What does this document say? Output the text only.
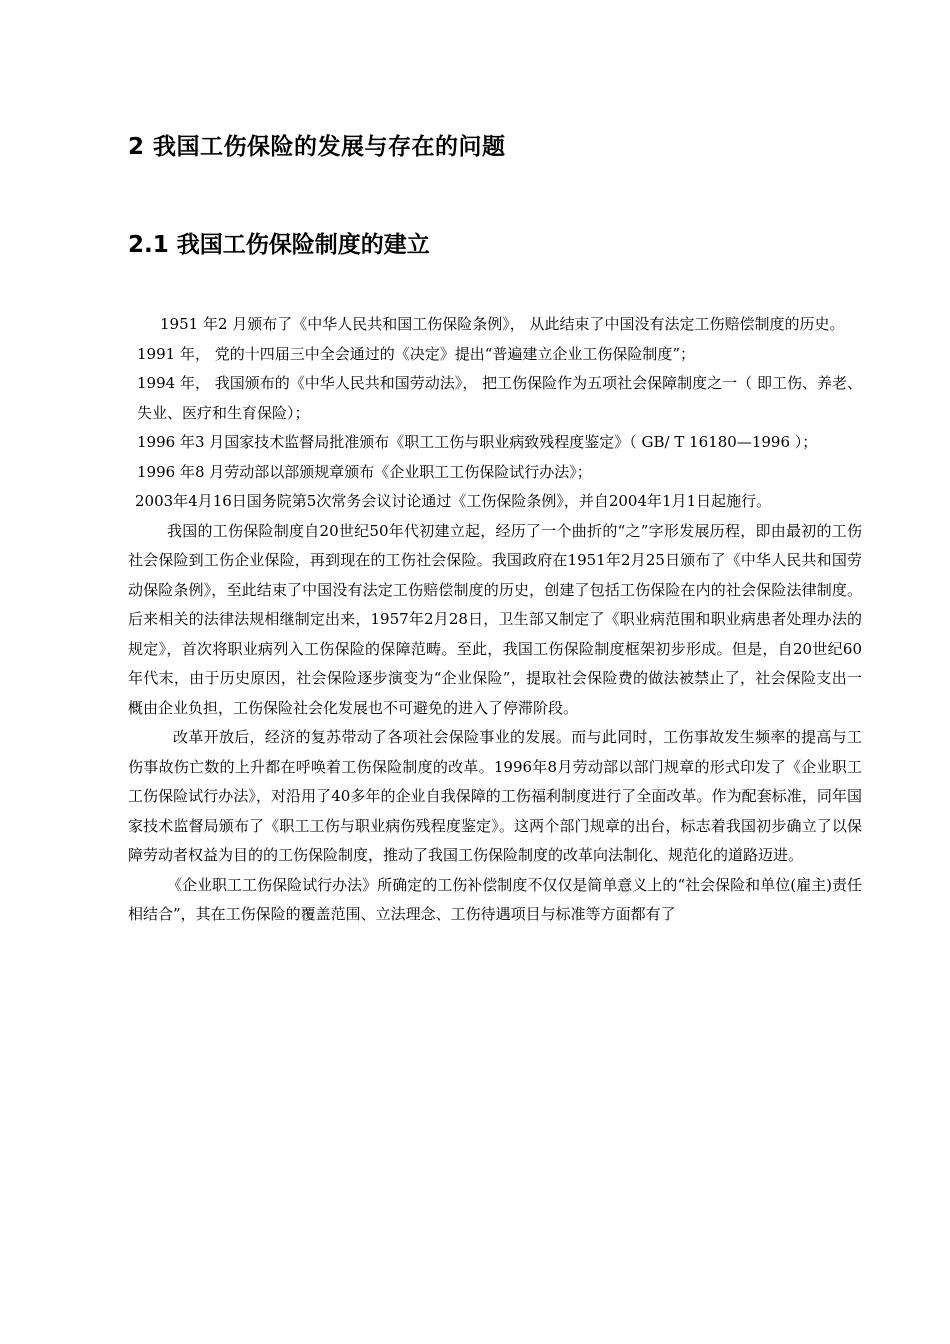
2 我国工伤保险的发展与存在的问题
2.1 我国工伤保险制度的建立

1951 年2 月颁布了《中华人民共和国工伤保险条例》， 从此结束了中国没有法定工伤赔偿制度的历史。

1991 年， 党的十四届三中全会通过的《决定》提出“普遍建立企业工伤保险制度”；

1994 年， 我国颁布的《中华人民共和国劳动法》， 把工伤保险作为五项社会保障制度之一（ 即工伤、养老、失业、医疗和生育保险）；

1996 年3 月国家技术监督局批准颁布《职工工伤与职业病致残程度鉴定》（ GB/ T 16180—1996 ）；

1996 年8 月劳动部以部颁规章颁布《企业职工工伤保险试行办法》；

2003年4月16日国务院第5次常务会议讨论通过《工伤保险条例》，并自2004年1月1日起施行。

我国的工伤保险制度自20世纪50年代初建立起，经历了一个曲折的“之”字形发展历程，即由最初的工伤社会保险到工伤企业保险，再到现在的工伤社会保险。我国政府在1951年2月25日颁布了《中华人民共和国劳动保险条例》，至此结束了中国没有法定工伤赔偿制度的历史，创建了包括工伤保险在内的社会保险法律制度。后来相关的法律法规相继制定出来，1957年2月28日，卫生部又制定了《职业病范围和职业病患者处理办法的规定》，首次将职业病列入工伤保险的保障范畴。至此，我国工伤保险制度框架初步形成。但是，自20世纪60年代末，由于历史原因，社会保险逐步演变为“企业保险”，提取社会保险费的做法被禁止了，社会保险支出一概由企业负担，工伤保险社会化发展也不可避免的进入了停滞阶段。

改革开放后，经济的复苏带动了各项社会保险事业的发展。而与此同时，工伤事故发生频率的提高与工伤事故伤亡数的上升都在呼唤着工伤保险制度的改革。1996年8月劳动部以部门规章的形式印发了《企业职工工伤保险试行办法》，对沿用了40多年的企业自我保障的工伤福利制度进行了全面改革。作为配套标准，同年国家技术监督局颁布了《职工工伤与职业病伤残程度鉴定》。这两个部门规章的出台，标志着我国初步确立了以保障劳动者权益为目的的工伤保险制度，推动了我国工伤保险制度的改革向法制化、规范化的道路迈进。

《企业职工工伤保险试行办法》所确定的工伤补偿制度不仅仅是简单意义上的“社会保险和单位(雇主)责任相结合”，其在工伤保险的覆盖范围、立法理念、工伤待遇项目与标准等方面都有了
